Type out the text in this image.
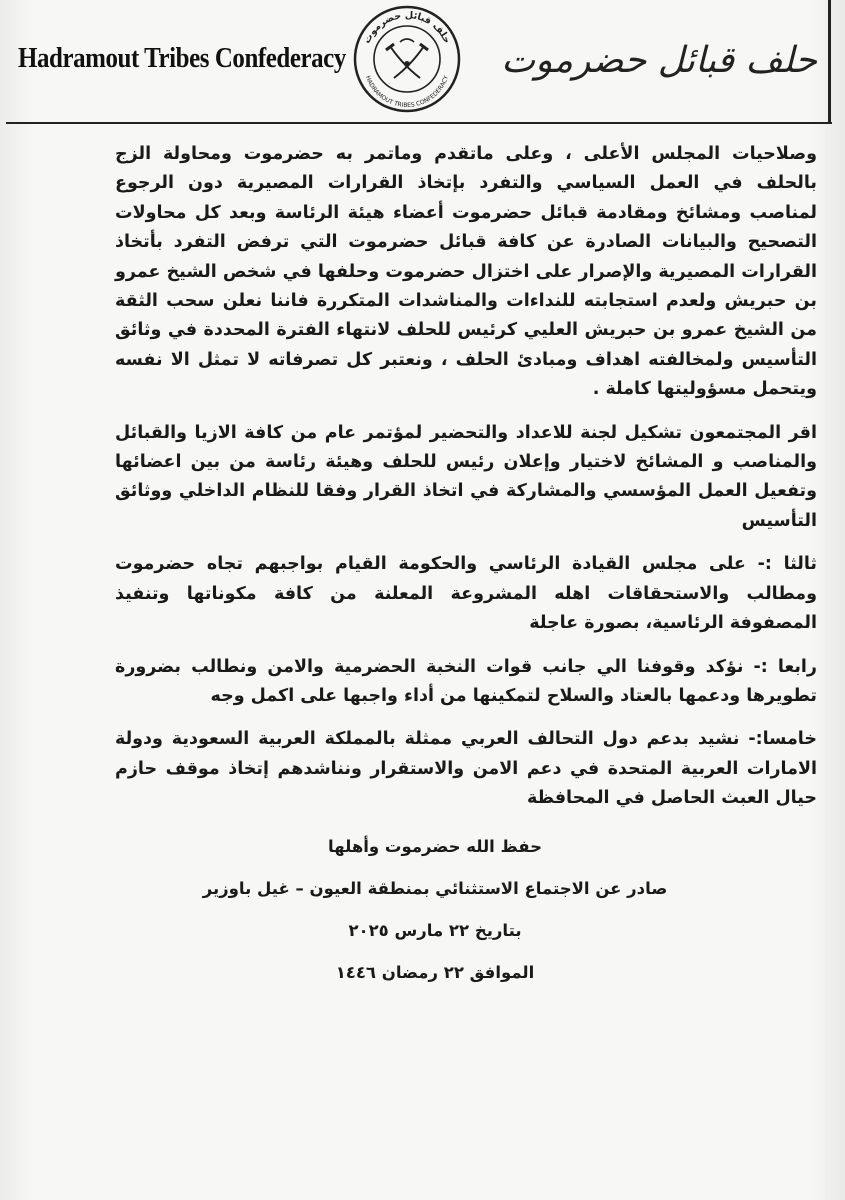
Hadramout Tribes Confederacy
حلف قبائل حضرموت
HADRAMOUT TRIBES CONFEDERACY حلف قبائل حضرموت

وصلاحيات المجلس الأعلى ، وعلى ماتقدم وماتمر به حضرموت ومحاولة الزج بالحلف في العمل السياسي والتفرد بإتخاذ القرارات المصيرية دون الرجوع لمناصب ومشائخ ومقادمة قبائل حضرموت أعضاء هيئة الرئاسة وبعد كل محاولات التصحيح والبيانات الصادرة عن كافة قبائل حضرموت التي ترفض التفرد بأتخاذ القرارات المصيرية والإصرار على اختزال حضرموت وحلفها في شخص الشيخ عمرو بن حبريش ولعدم استجابته للنداءات والمناشدات المتكررة فاننا نعلن سحب الثقة من الشيخ عمرو بن حبريش العليي كرئيس للحلف لانتهاء الفترة المحددة في وثائق التأسيس ولمخالفته اهداف ومبادئ الحلف ، ونعتبر كل تصرفاته لا تمثل الا نفسه ويتحمل مسؤوليتها كاملة .

اقر المجتمعون تشكيل لجنة للاعداد والتحضير لمؤتمر عام من كافة الازيا والقبائل والمناصب و المشائخ لاختيار وإعلان رئيس للحلف وهيئة رئاسة من بين اعضائها وتفعيل العمل المؤسسي والمشاركة في اتخاذ القرار وفقا للنظام الداخلي ووثائق التأسيس

ثالثا :- على مجلس القيادة الرئاسي والحكومة القيام بواجبهم تجاه حضرموت ومطالب والاستحقاقات اهله المشروعة المعلنة من كافة مكوناتها وتنفيذ المصفوفة الرئاسية، بصورة عاجلة

رابعا :- نؤكد وقوفنا الي جانب قوات النخبة الحضرمية والامن ونطالب بضرورة تطويرها ودعمها بالعتاد والسلاح لتمكينها من أداء واجبها على اكمل وجه

خامسا:- نشيد بدعم دول التحالف العربي ممثلة بالمملكة العربية السعودية ودولة الامارات العربية المتحدة في دعم الامن والاستقرار ونناشدهم إتخاذ موقف حازم حيال العبث الحاصل في المحافظة

حفظ الله حضرموت وأهلها

صادر عن الاجتماع الاستثنائي بمنطقة العيون – غيل باوزير

بتاريخ ٢٢ مارس ٢٠٢٥

الموافق ٢٢ رمضان ١٤٤٦
